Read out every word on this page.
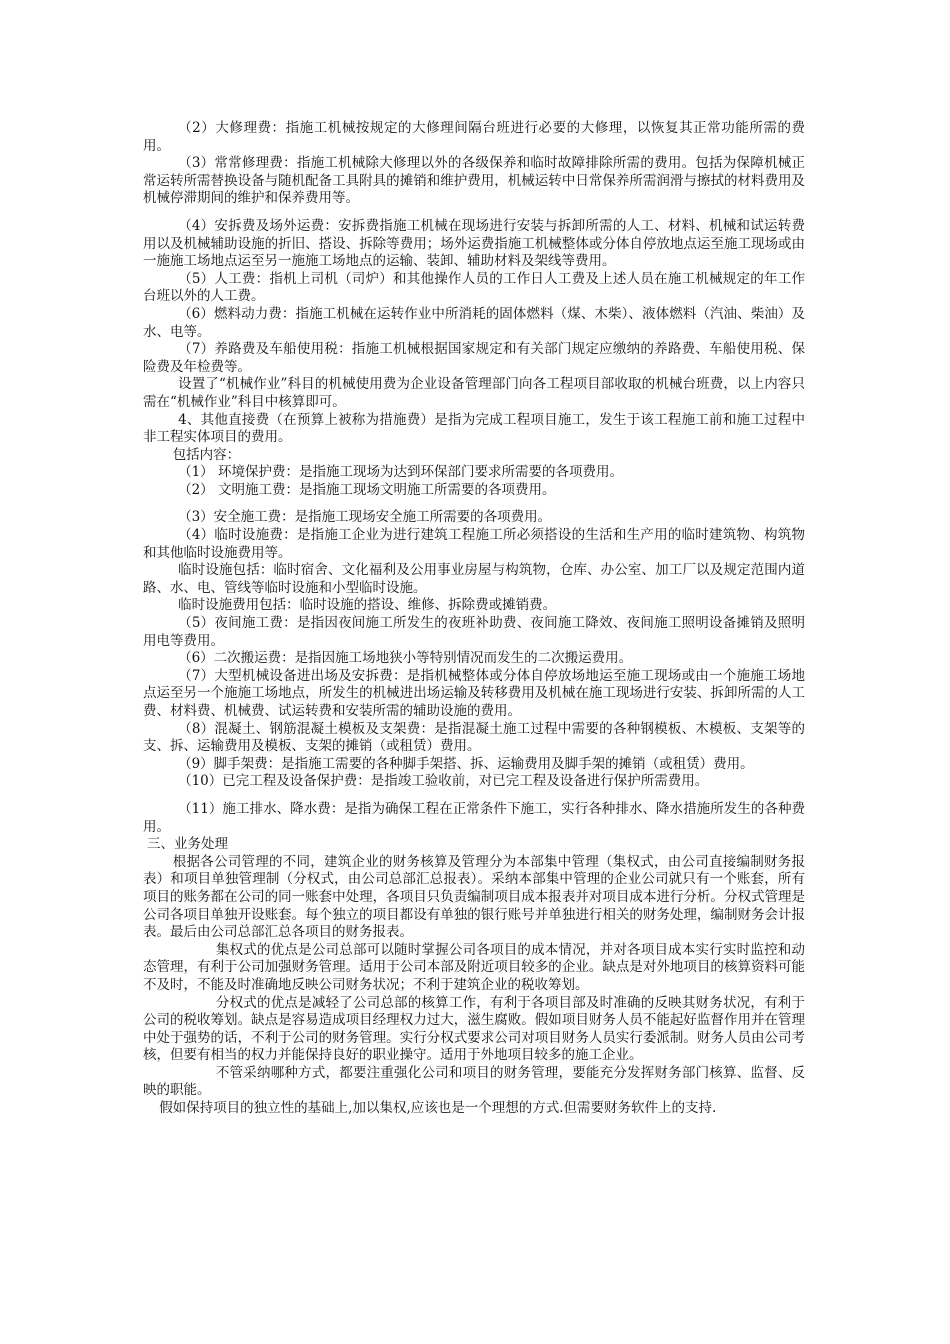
（2）大修理费：指施工机械按规定的大修理间隔台班进行必要的大修理，以恢复其正常功能所需的费用。

（3）常常修理费：指施工机械除大修理以外的各级保养和临时故障排除所需的费用。包括为保障机械正常运转所需替换设备与随机配备工具附具的摊销和维护费用，机械运转中日常保养所需润滑与擦拭的材料费用及机械停滞期间的维护和保养费用等。

（4）安拆费及场外运费：安拆费指施工机械在现场进行安装与拆卸所需的人工、材料、机械和试运转费用以及机械辅助设施的折旧、搭设、拆除等费用；场外运费指施工机械整体或分体自停放地点运至施工现场或由一施施工场地点运至另一施施工场地点的运输、装卸、辅助材料及架线等费用。

（5）人工费：指机上司机（司炉）和其他操作人员的工作日人工费及上述人员在施工机械规定的年工作台班以外的人工费。

（6）燃料动力费：指施工机械在运转作业中所消耗的固体燃料（煤、木柴）、液体燃料（汽油、柴油）及水、电等。

（7）养路费及车船使用税：指施工机械根据国家规定和有关部门规定应缴纳的养路费、车船使用税、保险费及年检费等。

设置了“机械作业”科目的机械使用费为企业设备管理部门向各工程项目部收取的机械台班费，以上内容只需在“机械作业”科目中核算即可。

4、其他直接费（在预算上被称为措施费）是指为完成工程项目施工，发生于该工程施工前和施工过程中非工程实体项目的费用。

包括内容：

（1） 环境保护费：是指施工现场为达到环保部门要求所需要的各项费用。

（2） 文明施工费：是指施工现场文明施工所需要的各项费用。

（3）安全施工费：是指施工现场安全施工所需要的各项费用。

（4）临时设施费：是指施工企业为进行建筑工程施工所必须搭设的生活和生产用的临时建筑物、构筑物和其他临时设施费用等。

临时设施包括：临时宿舍、文化福利及公用事业房屋与构筑物，仓库、办公室、加工厂以及规定范围内道路、水、电、管线等临时设施和小型临时设施。

临时设施费用包括：临时设施的搭设、维修、拆除费或摊销费。

（5）夜间施工费：是指因夜间施工所发生的夜班补助费、夜间施工降效、夜间施工照明设备摊销及照明用电等费用。

（6）二次搬运费：是指因施工场地狭小等特别情况而发生的二次搬运费用。

（7）大型机械设备进出场及安拆费：是指机械整体或分体自停放场地运至施工现场或由一个施施工场地点运至另一个施施工场地点，所发生的机械进出场运输及转移费用及机械在施工现场进行安装、拆卸所需的人工费、材料费、机械费、试运转费和安装所需的辅助设施的费用。

（8）混凝土、钢筋混凝土模板及支架费：是指混凝土施工过程中需要的各种钢模板、木模板、支架等的支、拆、运输费用及模板、支架的摊销（或租赁）费用。

（9）脚手架费：是指施工需要的各种脚手架搭、拆、运输费用及脚手架的摊销（或租赁）费用。

（10）已完工程及设备保护费：是指竣工验收前，对已完工程及设备进行保护所需费用。

（11）施工排水、降水费：是指为确保工程在正常条件下施工，实行各种排水、降水措施所发生的各种费用。

三、业务处理

根据各公司管理的不同，建筑企业的财务核算及管理分为本部集中管理（集权式，由公司直接编制财务报表）和项目单独管理制（分权式，由公司总部汇总报表）。采纳本部集中管理的企业公司就只有一个账套，所有项目的账务都在公司的同一账套中处理，各项目只负责编制项目成本报表并对项目成本进行分析。分权式管理是公司各项目单独开设账套。每个独立的项目都设有单独的银行账号并单独进行相关的财务处理，编制财务会计报表。最后由公司总部汇总各项目的财务报表。

集权式的优点是公司总部可以随时掌握公司各项目的成本情况，并对各项目成本实行实时监控和动态管理，有利于公司加强财务管理。适用于公司本部及附近项目较多的企业。缺点是对外地项目的核算资料可能不及时，不能及时准确地反映公司财务状况；不利于建筑企业的税收筹划。

分权式的优点是减轻了公司总部的核算工作，有利于各项目部及时准确的反映其财务状况，有利于公司的税收筹划。缺点是容易造成项目经理权力过大，滋生腐败。假如项目财务人员不能起好监督作用并在管理中处于强势的话，不利于公司的财务管理。实行分权式要求公司对项目财务人员实行委派制。财务人员由公司考核，但要有相当的权力并能保持良好的职业操守。适用于外地项目较多的施工企业。

不管采纳哪种方式，都要注重强化公司和项目的财务管理，要能充分发挥财务部门核算、监督、反映的职能。

假如保持项目的独立性的基础上,加以集权,应该也是一个理想的方式.但需要财务软件上的支持.
